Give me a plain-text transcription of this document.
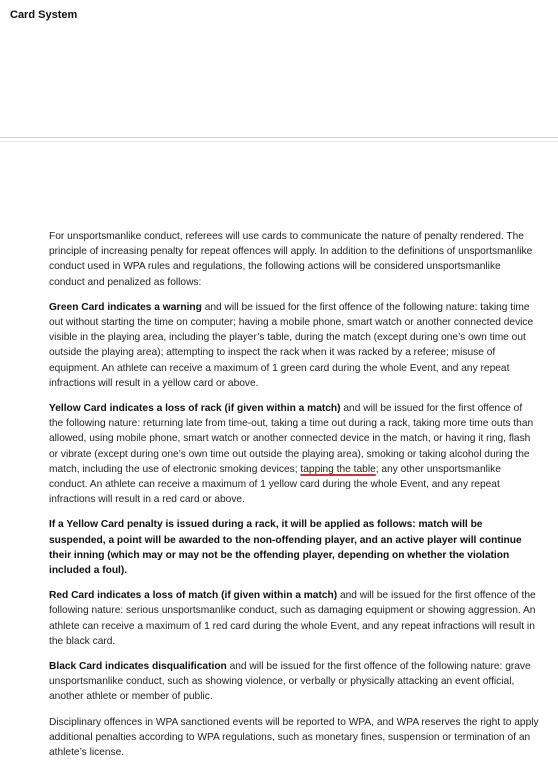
Card System

For unsportsmanlike conduct, referees will use cards to communicate the nature of penalty rendered. The principle of increasing penalty for repeat offences will apply. In addition to the definitions of unsportsmanlike conduct used in WPA rules and regulations, the following actions will be considered unsportsmanlike conduct and penalized as follows:

Green Card indicates a warning and will be issued for the first offence of the following nature: taking time out without starting the time on computer; having a mobile phone, smart watch or another connected device visible in the playing area, including the player’s table, during the match (except during one’s own time out outside the playing area); attempting to inspect the rack when it was racked by a referee; misuse of equipment. An athlete can receive a maximum of 1 green card during the whole Event, and any repeat infractions will result in a yellow card or above.

Yellow Card indicates a loss of rack (if given within a match) and will be issued for the first offence of the following nature: returning late from time-out, taking a time out during a rack, taking more time outs than allowed, using mobile phone, smart watch or another connected device in the match, or having it ring, flash or vibrate (except during one’s own time out outside the playing area), smoking or taking alcohol during the match, including the use of electronic smoking devices; tapping the table; any other unsportsmanlike conduct. An athlete can receive a maximum of 1 yellow card during the whole Event, and any repeat infractions will result in a red card or above.

If a Yellow Card penalty is issued during a rack, it will be applied as follows: match will be suspended, a point will be awarded to the non-offending player, and an active player will continue their inning (which may or may not be the offending player, depending on whether the violation included a foul).

Red Card indicates a loss of match (if given within a match) and will be issued for the first offence of the following nature: serious unsportsmanlike conduct, such as damaging equipment or showing aggression. An athlete can receive a maximum of 1 red card during the whole Event, and any repeat infractions will result in the black card.

Black Card indicates disqualification and will be issued for the first offence of the following nature: grave unsportsmanlike conduct, such as showing violence, or verbally or physically attacking an event official, another athlete or member of public.

Disciplinary offences in WPA sanctioned events will be reported to WPA, and WPA reserves the right to apply additional penalties according to WPA regulations, such as monetary fines, suspension or termination of an athlete’s license.
